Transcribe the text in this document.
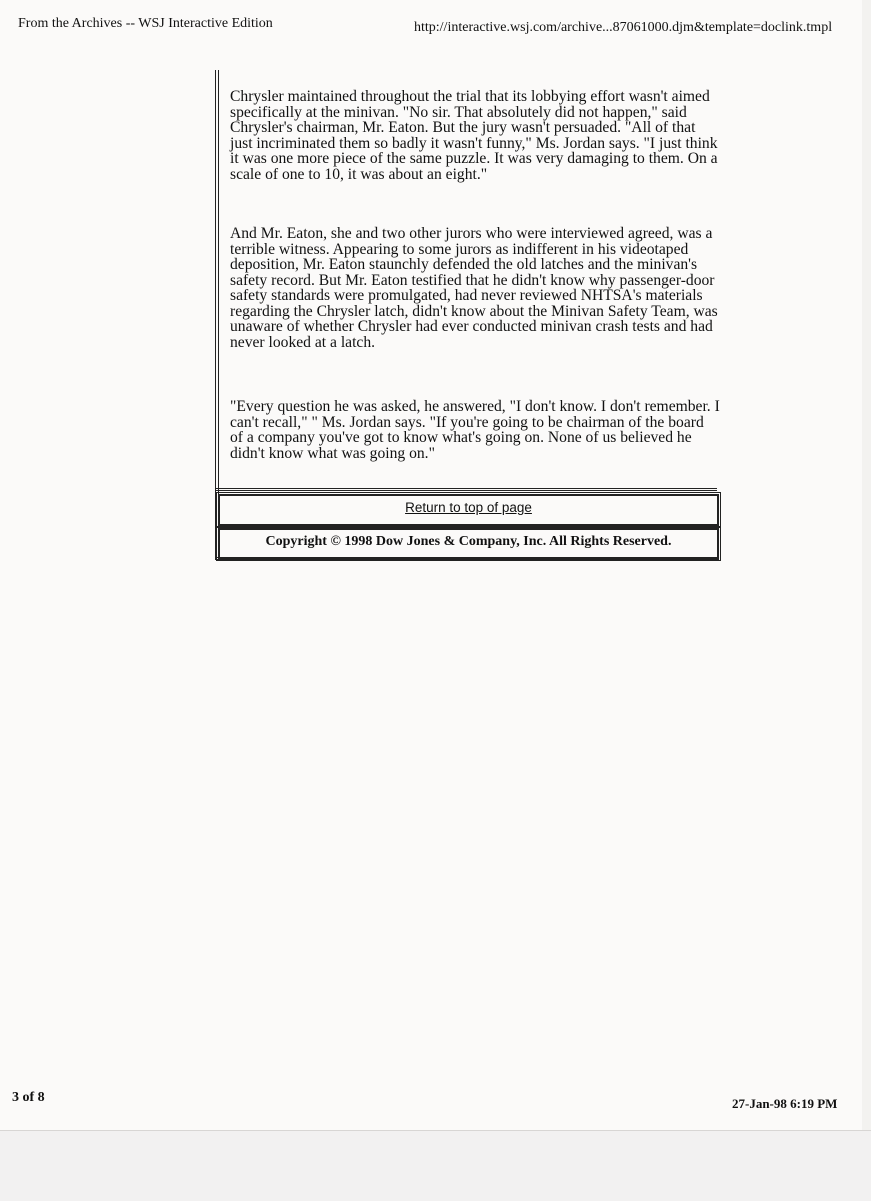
From the Archives -- WSJ Interactive Edition	http://interactive.wsj.com/archive...87061000.djm&template=doclink.tmpl

Chrysler maintained throughout the trial that its lobbying effort wasn't aimed specifically at the minivan. "No sir. That absolutely did not happen," said Chrysler's chairman, Mr. Eaton. But the jury wasn't persuaded. "All of that just incriminated them so badly it wasn't funny," Ms. Jordan says. "I just think it was one more piece of the same puzzle. It was very damaging to them. On a scale of one to 10, it was about an eight."

And Mr. Eaton, she and two other jurors who were interviewed agreed, was a terrible witness. Appearing to some jurors as indifferent in his videotaped deposition, Mr. Eaton staunchly defended the old latches and the minivan's safety record. But Mr. Eaton testified that he didn't know why passenger-door safety standards were promulgated, had never reviewed NHTSA's materials regarding the Chrysler latch, didn't know about the Minivan Safety Team, was unaware of whether Chrysler had ever conducted minivan crash tests and had never looked at a latch.

"Every question he was asked, he answered, "I don't know. I don't remember. I can't recall," " Ms. Jordan says. "If you're going to be chairman of the board of a company you've got to know what's going on. None of us believed he didn't know what was going on."

Return to top of page
Copyright © 1998 Dow Jones & Company, Inc. All Rights Reserved.
3 of 8	27-Jan-98 6:19 PM
